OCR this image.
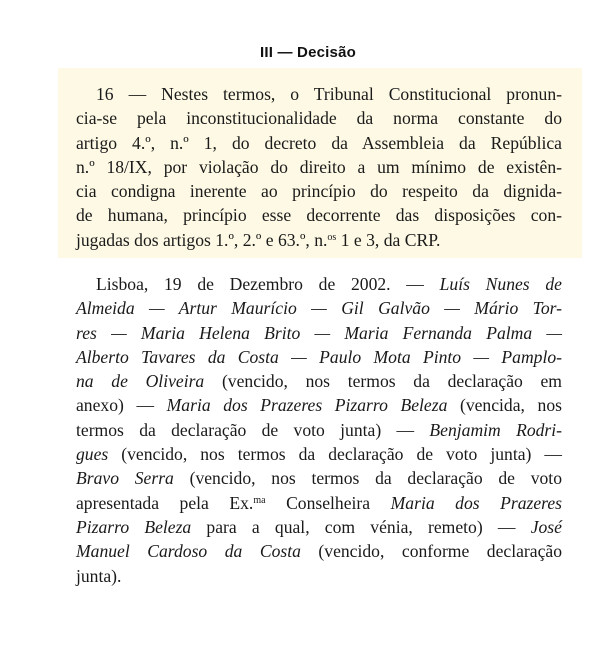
III — Decisão
16 — Nestes termos, o Tribunal Constitucional pronun-
cia-se pela inconstitucionalidade da norma constante do
artigo 4.º, n.º 1, do decreto da Assembleia da República
n.º 18/IX, por violação do direito a um mínimo de existên-
cia condigna inerente ao princípio do respeito da dignida-
de humana, princípio esse decorrente das disposições con-
jugadas dos artigos 1.º, 2.º e 63.º, n.$^{os}$ 1 e 3, da CRP.
Lisboa, 19 de Dezembro de 2002. — Luís Nunes de
Almeida — Artur Maurício — Gil Galvão — Mário Tor-
res — Maria Helena Brito — Maria Fernanda Palma —
Alberto Tavares da Costa — Paulo Mota Pinto — Pamplo-
na de Oliveira (vencido, nos termos da declaração em
anexo) — Maria dos Prazeres Pizarro Beleza (vencida, nos
termos da declaração de voto junta) — Benjamim Rodri-
gues (vencido, nos termos da declaração de voto junta) —
Bravo Serra (vencido, nos termos da declaração de voto
apresentada pela Ex.$^{ma}$ Conselheira Maria dos Prazeres
Pizarro Beleza para a qual, com vénia, remeto) — José
Manuel Cardoso da Costa (vencido, conforme declaração
junta).
